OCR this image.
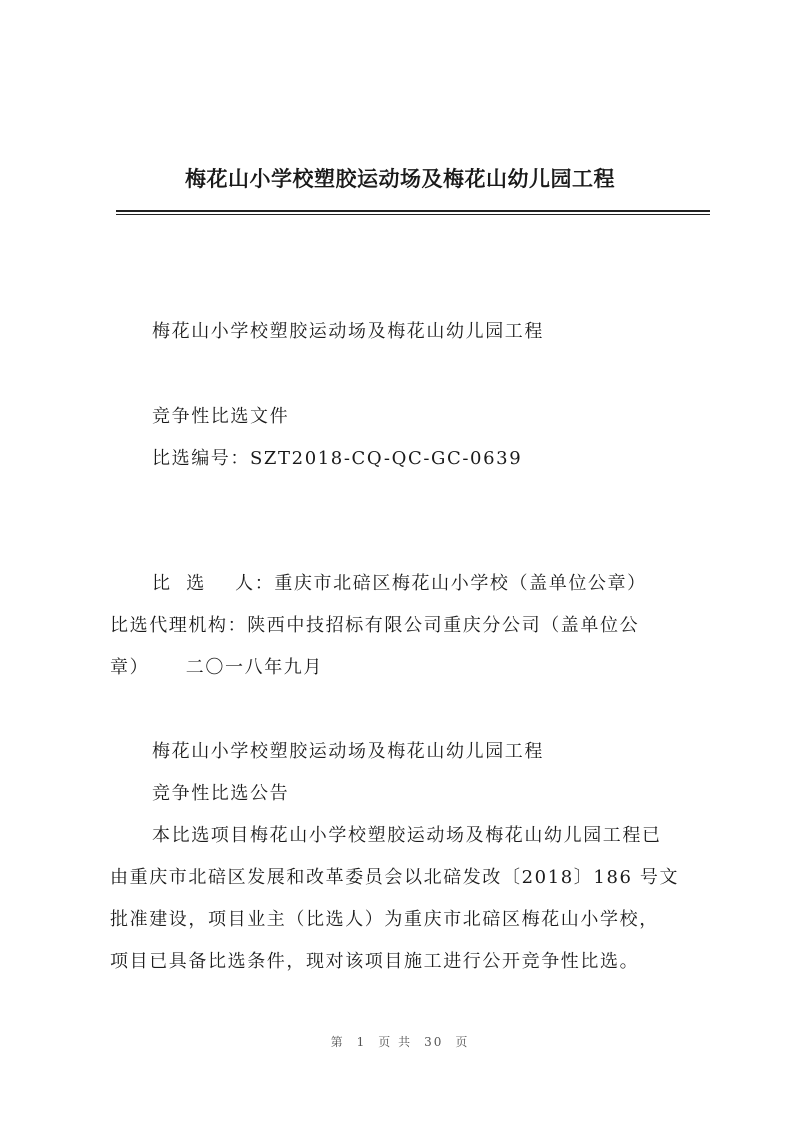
梅花山小学校塑胶运动场及梅花山幼儿园工程
梅花山小学校塑胶运动场及梅花山幼儿园工程
竞争性比选文件
比选编号：SZT2018-CQ-QC-GC-0639
比  选    人：重庆市北碚区梅花山小学校（盖单位公章）
比选代理机构：陕西中技招标有限公司重庆分公司（盖单位公
章）     二〇一八年九月
梅花山小学校塑胶运动场及梅花山幼儿园工程
竞争性比选公告
本比选项目梅花山小学校塑胶运动场及梅花山幼儿园工程已
由重庆市北碚区发展和改革委员会以北碚发改〔2018〕186 号文
批准建设，项目业主（比选人）为重庆市北碚区梅花山小学校，
项目已具备比选条件，现对该项目施工进行公开竞争性比选。
第 1 页 共 30 页
